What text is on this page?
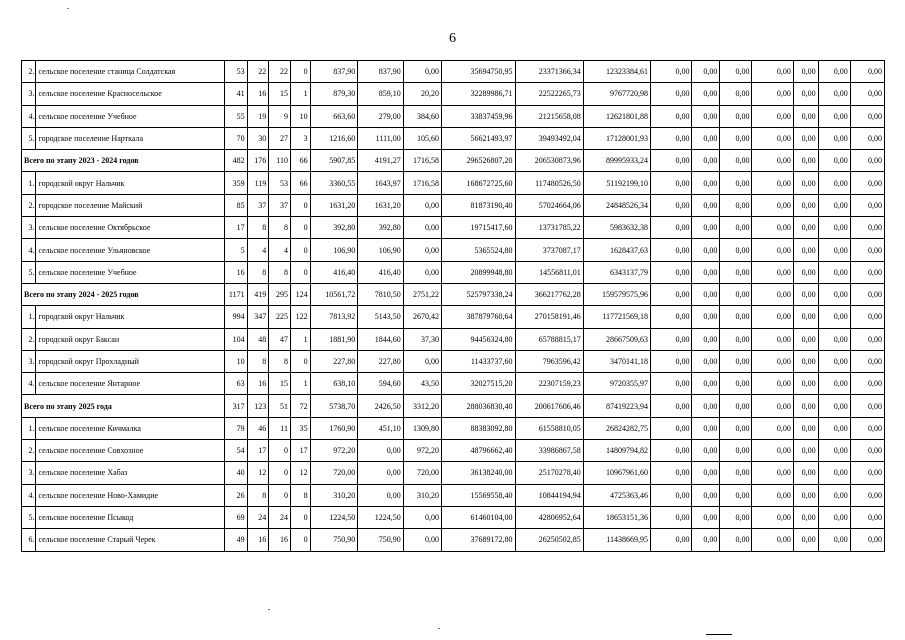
6
2.	сельское поселение станица Солдатская	53	22	22	0	837,90	837,90	0,00	35694750,95	23371366,34	12323384,61	0,00	0,00	0,00	0,00	0,00	0,00	0,00
3.	сельское поселение Красносельское	41	16	15	1	879,30	859,10	20,20	32289986,71	22522265,73	9767720,98	0,00	0,00	0,00	0,00	0,00	0,00	0,00
4.	сельское поселение Учебное	55	19	9	10	663,60	279,00	384,60	33837459,96	21215658,08	12621801,88	0,00	0,00	0,00	0,00	0,00	0,00	0,00
5.	городское поселение Нарткала	70	30	27	3	1216,60	1111,00	105,60	56621493,97	39493492,04	17128001,93	0,00	0,00	0,00	0,00	0,00	0,00	0,00
Всего по этапу 2023 - 2024 годов		482	176	110	66	5907,85	4191,27	1716,58	296526807,20	206530873,96	89995933,24	0,00	0,00	0,00	0,00	0,00	0,00	0,00
1.	городской округ Нальчик	359	119	53	66	3360,55	1643,97	1716,58	168672725,60	117480526,50	51192199,10	0,00	0,00	0,00	0,00	0,00	0,00	0,00
2.	городское поселение Майский	85	37	37	0	1631,20	1631,20	0,00	81873190,40	57024664,06	24848526,34	0,00	0,00	0,00	0,00	0,00	0,00	0,00
3.	сельское поселение Октябрьское	17	8	8	0	392,80	392,80	0,00	19715417,60	13731785,22	5983632,38	0,00	0,00	0,00	0,00	0,00	0,00	0,00
4.	сельское поселение Ульяновское	5	4	4	0	106,90	106,90	0,00	5365524,80	3737087,17	1628437,63	0,00	0,00	0,00	0,00	0,00	0,00	0,00
5.	сельское поселение Учебное	16	8	8	0	416,40	416,40	0,00	20899948,80	14556811,01	6343137,79	0,00	0,00	0,00	0,00	0,00	0,00	0,00
Всего по этапу 2024 - 2025 годов		1171	419	295	124	10561,72	7810,50	2751,22	525797338,24	366217762,28	159579575,96	0,00	0,00	0,00	0,00	0,00	0,00	0,00
1.	городской округ Нальчик	994	347	225	122	7813,92	5143,50	2670,42	387879760,64	270158191,46	117721569,18	0,00	0,00	0,00	0,00	0,00	0,00	0,00
2.	городской округ Баксан	104	48	47	1	1881,90	1844,60	37,30	94456324,80	65788815,17	28667509,63	0,00	0,00	0,00	0,00	0,00	0,00	0,00
3.	городской округ Прохладный	10	8	8	0	227,80	227,80	0,00	11433737,60	7963596,42	3470141,18	0,00	0,00	0,00	0,00	0,00	0,00	0,00
4.	сельское поселение Янтарное	63	16	15	1	638,10	594,60	43,50	32027515,20	22307159,23	9720355,97	0,00	0,00	0,00	0,00	0,00	0,00	0,00
Всего по этапу 2025 года		317	123	51	72	5738,70	2426,50	3312,20	288036830,40	200617606,46	87419223,94	0,00	0,00	0,00	0,00	0,00	0,00	0,00
1.	сельское поселение Кичмалка	79	46	11	35	1760,90	451,10	1309,80	88383092,80	61558810,05	26824282,75	0,00	0,00	0,00	0,00	0,00	0,00	0,00
2.	сельское поселение Совхозное	54	17	0	17	972,20	0,00	972,20	48796662,40	33986867,58	14809794,82	0,00	0,00	0,00	0,00	0,00	0,00	0,00
3.	сельское поселение Хабаз	40	12	0	12	720,00	0,00	720,00	36138240,00	25170278,40	10967961,60	0,00	0,00	0,00	0,00	0,00	0,00	0,00
4.	сельское поселение Ново-Хамидие	26	8	0	8	310,20	0,00	310,20	15569558,40	10844194,94	4725363,46	0,00	0,00	0,00	0,00	0,00	0,00	0,00
5.	сельское поселение Псыкод	69	24	24	0	1224,50	1224,50	0,00	61460104,00	42806952,64	18653151,36	0,00	0,00	0,00	0,00	0,00	0,00	0,00
6.	сельское поселение Старый Черек	49	16	16	0	750,90	750,90	0,00	37689172,80	26250502,85	11438669,95	0,00	0,00	0,00	0,00	0,00	0,00	0,00
